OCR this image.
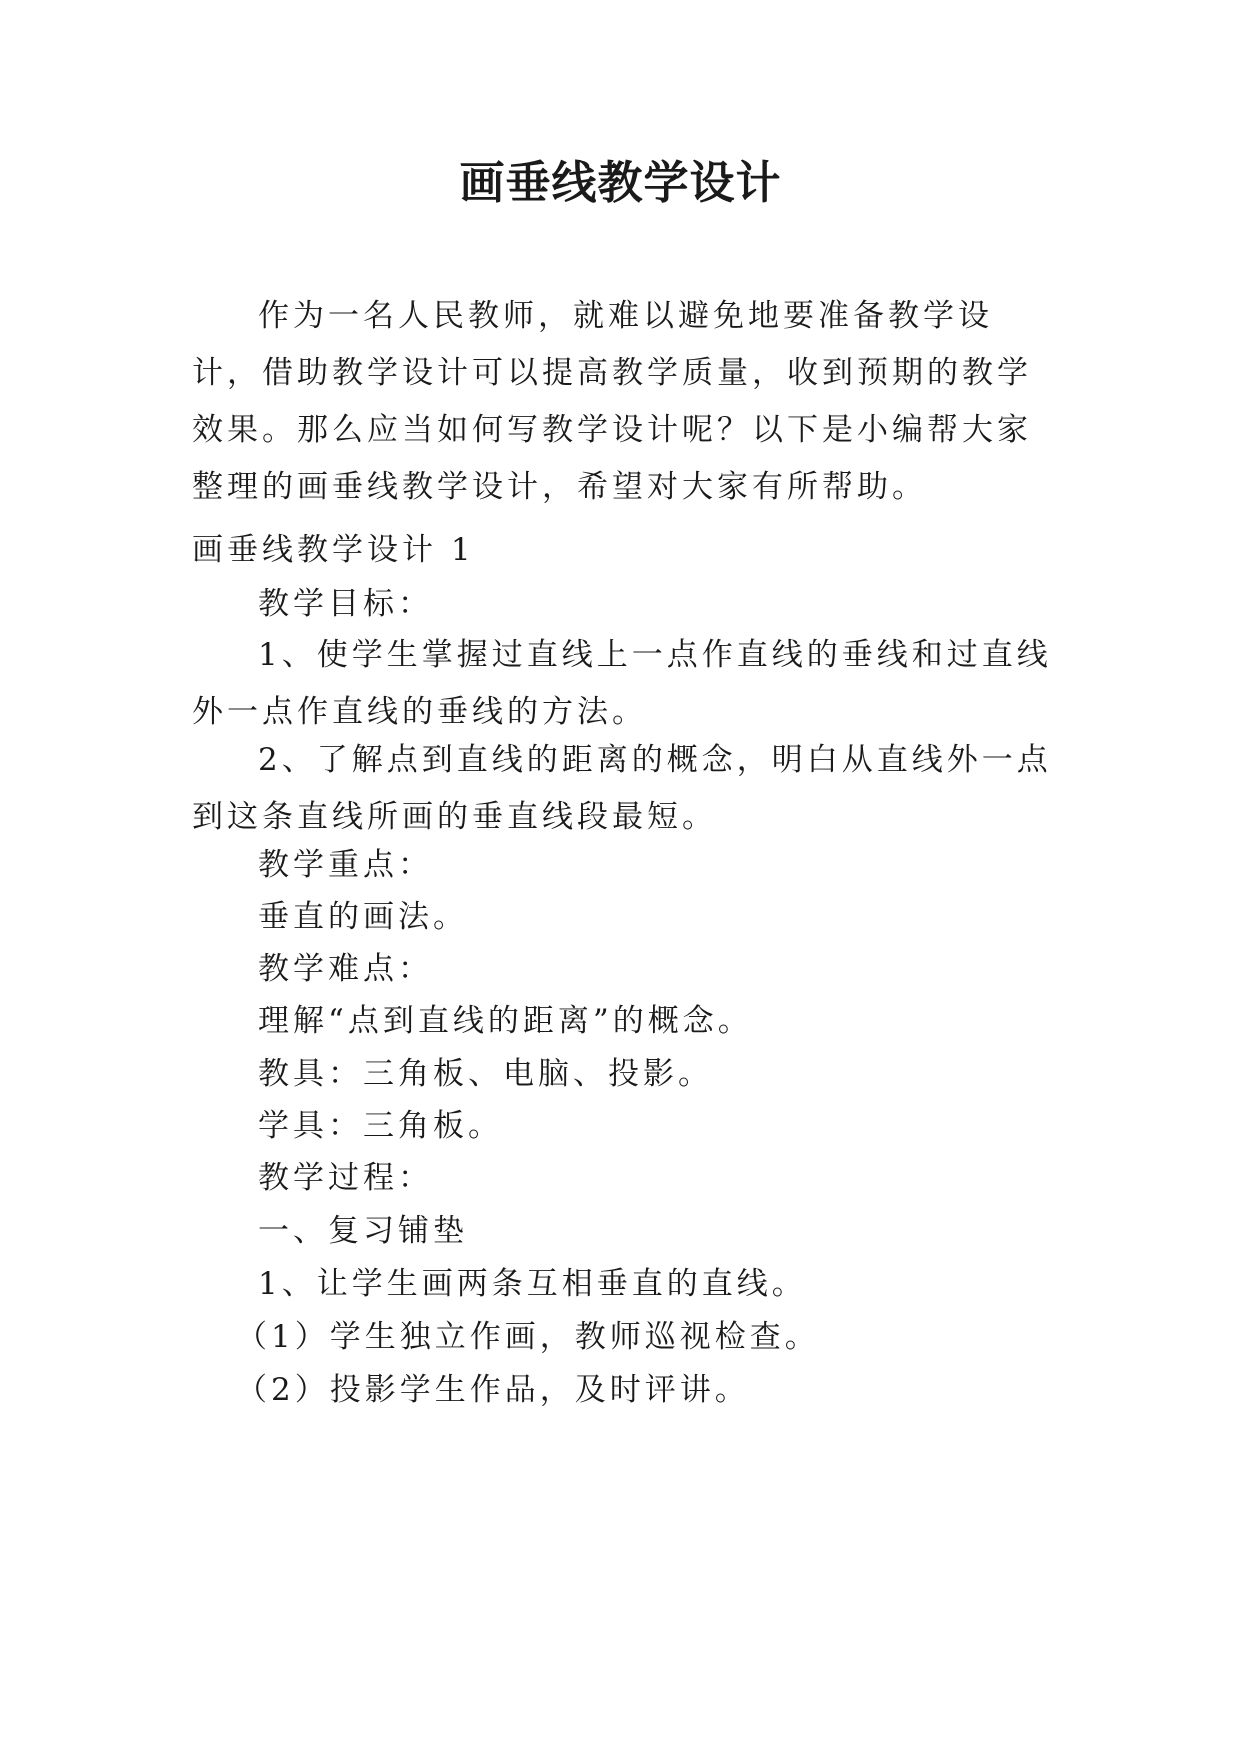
画垂线教学设计

作为一名人民教师，就难以避免地要准备教学设计，借助教学设计可以提高教学质量，收到预期的教学效果。那么应当如何写教学设计呢？以下是小编帮大家整理的画垂线教学设计，希望对大家有所帮助。

画垂线教学设计 1

教学目标：

1、使学生掌握过直线上一点作直线的垂线和过直线外一点作直线的垂线的方法。

2、了解点到直线的距离的概念，明白从直线外一点到这条直线所画的垂直线段最短。

教学重点：

垂直的画法。

教学难点：

理解“点到直线的距离”的概念。

教具：三角板、电脑、投影。

学具：三角板。

教学过程：

一、复习铺垫

1、让学生画两条互相垂直的直线。

（1）学生独立作画，教师巡视检查。

（2）投影学生作品，及时评讲。
